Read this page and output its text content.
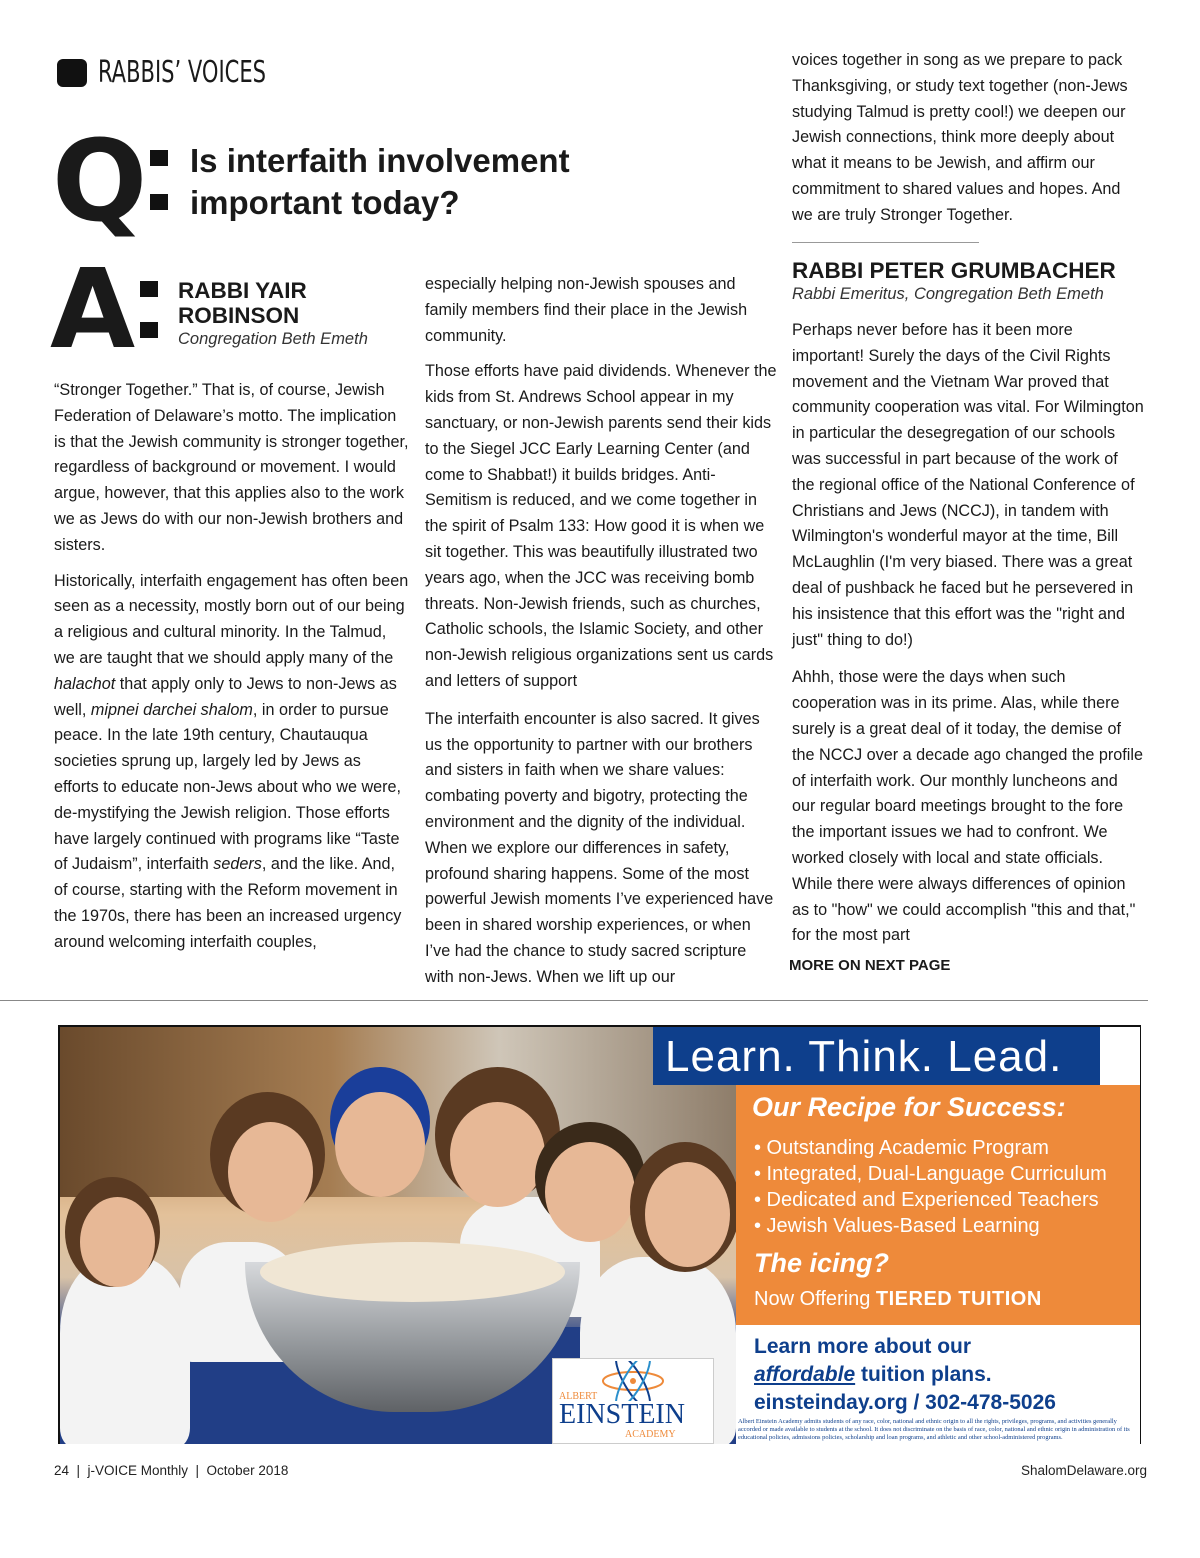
RABBIS’ VOICES
Q Is interfaith involvement
important today?
A RABBI YAIR
ROBINSON
Congregation Beth Emeth

“Stronger Together.” That is, of course, Jewish Federation of Delaware’s motto. The implication is that the Jewish community is stronger together, regardless of background or movement. I would argue, however, that this applies also to the work we as Jews do with our non-Jewish brothers and sisters.

Historically, interfaith engagement has often been seen as a necessity, mostly born out of our being a religious and cultural minority. In the Talmud, we are taught that we should apply many of the halachot that apply only to Jews to non-Jews as well, mipnei darchei shalom, in order to pursue peace. In the late 19th century, Chautauqua societies sprung up, largely led by Jews as efforts to educate non-Jews about who we were, de-mystifying the Jewish religion. Those efforts have largely continued with programs like “Taste of Judaism”, interfaith seders, and the like. And, of course, starting with the Reform movement in the 1970s, there has been an increased urgency around welcoming interfaith couples,

especially helping non-Jewish spouses and family members find their place in the Jewish community.

Those efforts have paid dividends. Whenever the kids from St. Andrews School appear in my sanctuary, or non-Jewish parents send their kids to the Siegel JCC Early Learning Center (and come to Shabbat!) it builds bridges. Anti-Semitism is reduced, and we come together in the spirit of Psalm 133: How good it is when we sit together. This was beautifully illustrated two years ago, when the JCC was receiving bomb threats. Non-Jewish friends, such as churches, Catholic schools, the Islamic Society, and other non-Jewish religious organizations sent us cards and letters of support

The interfaith encounter is also sacred. It gives us the opportunity to partner with our brothers and sisters in faith when we share values: combating poverty and bigotry, protecting the environment and the dignity of the individual. When we explore our differences in safety, profound sharing happens. Some of the most powerful Jewish moments I’ve experienced have been in shared worship experiences, or when I’ve had the chance to study sacred scripture with non-Jews. When we lift up our

voices together in song as we prepare to pack Thanksgiving, or study text together (non-Jews studying Talmud is pretty cool!) we deepen our Jewish connections, think more deeply about what it means to be Jewish, and affirm our commitment to shared values and hopes. And we are truly Stronger Together.

RABBI PETER GRUMBACHER
Rabbi Emeritus, Congregation Beth Emeth

Perhaps never before has it been more important! Surely the days of the Civil Rights movement and the Vietnam War proved that community cooperation was vital. For Wilmington in particular the desegregation of our schools was successful in part because of the work of the regional office of the National Conference of Christians and Jews (NCCJ), in tandem with Wilmington's wonderful mayor at the time, Bill McLaughlin (I'm very biased. There was a great deal of pushback he faced but he persevered in his insistence that this effort was the "right and just" thing to do!)

Ahhh, those were the days when such cooperation was in its prime. Alas, while there surely is a great deal of it today, the demise of the NCCJ over a decade ago changed the profile of interfaith work. Our monthly luncheons and our regular board meetings brought to the fore the important issues we had to confront. We worked closely with local and state officials. While there were always differences of opinion as to "how" we could accomplish "this and that," for the most part

MORE ON NEXT PAGE
ALBERT
EINSTEIN
ACADEMY
Learn. Think. Lead.
Our Recipe for Success:
• Outstanding Academic Program
• Integrated, Dual-Language Curriculum
• Dedicated and Experienced Teachers
• Jewish Values-Based Learning
The icing?
Now Offering TIERED TUITION
Learn more about our
affordable tuition plans.
einsteinday.org / 302-478-5026
Albert Einstein Academy admits students of any race, color, national and ethnic origin to all the rights, privileges, programs, and activities generally accorded or made available to students at the school. It does not discriminate on the basis of race, color, national and ethnic origin in administration of its educational policies, admissions policies, scholarship and loan programs, and athletic and other school-administered programs.
24  |  j-VOICE Monthly  |  October 2018	ShalomDelaware.org
